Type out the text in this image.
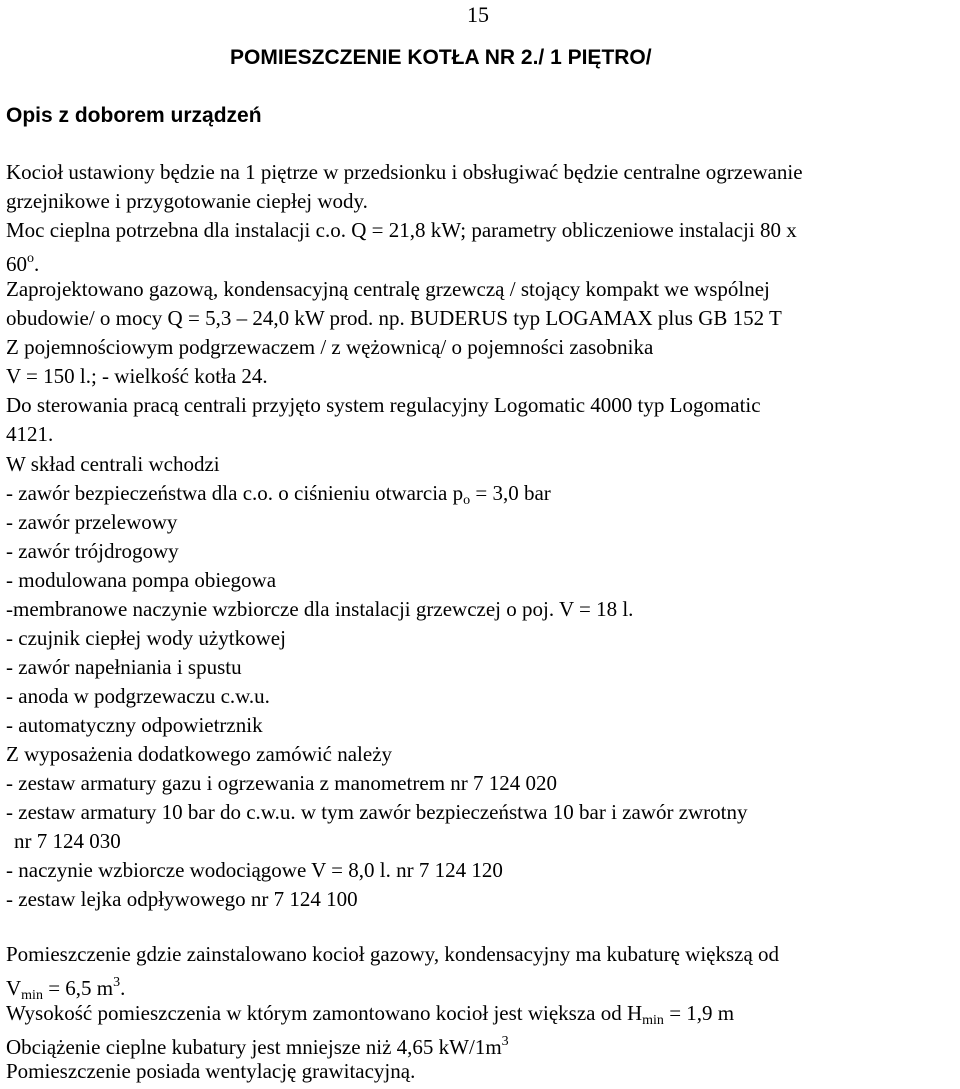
15
POMIESZCZENIE KOTŁA NR 2./ 1 PIĘTRO/
Opis z doborem urządzeń
Kocioł ustawiony będzie na 1 piętrze w przedsionku i obsługiwać będzie centralne ogrzewanie
grzejnikowe i przygotowanie ciepłej wody.
Moc cieplna potrzebna dla instalacji c.o. Q = 21,8 kW; parametry obliczeniowe instalacji 80 x
60$^o$.
Zaprojektowano gazową, kondensacyjną centralę grzewczą / stojący kompakt we wspólnej
obudowie/ o mocy Q = 5,3 – 24,0 kW prod. np. BUDERUS typ LOGAMAX plus GB 152 T
Z pojemnościowym podgrzewaczem / z wężownicą/ o pojemności zasobnika
V = 150 l.; - wielkość kotła 24.
Do sterowania pracą centrali przyjęto system regulacyjny Logomatic 4000 typ Logomatic
4121.
W skład centrali wchodzi
- zawór bezpieczeństwa dla c.o. o ciśnieniu otwarcia $p_o = 3,0$ bar
- zawór przelewowy
- zawór trójdrogowy
- modulowana pompa obiegowa
-membranowe naczynie wzbiorcze dla instalacji grzewczej o poj. V = 18 l.
- czujnik ciepłej wody użytkowej
- zawór napełniania i spustu
- anoda w podgrzewaczu c.w.u.
- automatyczny odpowietrznik
Z wyposażenia dodatkowego zamówić należy
- zestaw armatury gazu i ogrzewania z manometrem nr 7 124 020
- zestaw armatury 10 bar do c.w.u. w tym zawór bezpieczeństwa 10 bar i zawór zwrotny
nr 7 124 030
- naczynie wzbiorcze wodociągowe V = 8,0 l. nr 7 124 120
- zestaw lejka odpływowego nr 7 124 100
Pomieszczenie gdzie zainstalowano kocioł gazowy, kondensacyjny ma kubaturę większą od
$V_{min} = 6,5$ $m^3$.
Wysokość pomieszczenia w którym zamontowano kocioł jest większa od $H_{min} = 1,9$ m
Obciążenie cieplne kubatury jest mniejsze niż 4,65 $kW/1m^3$
Pomieszczenie posiada wentylację grawitacyjną.
